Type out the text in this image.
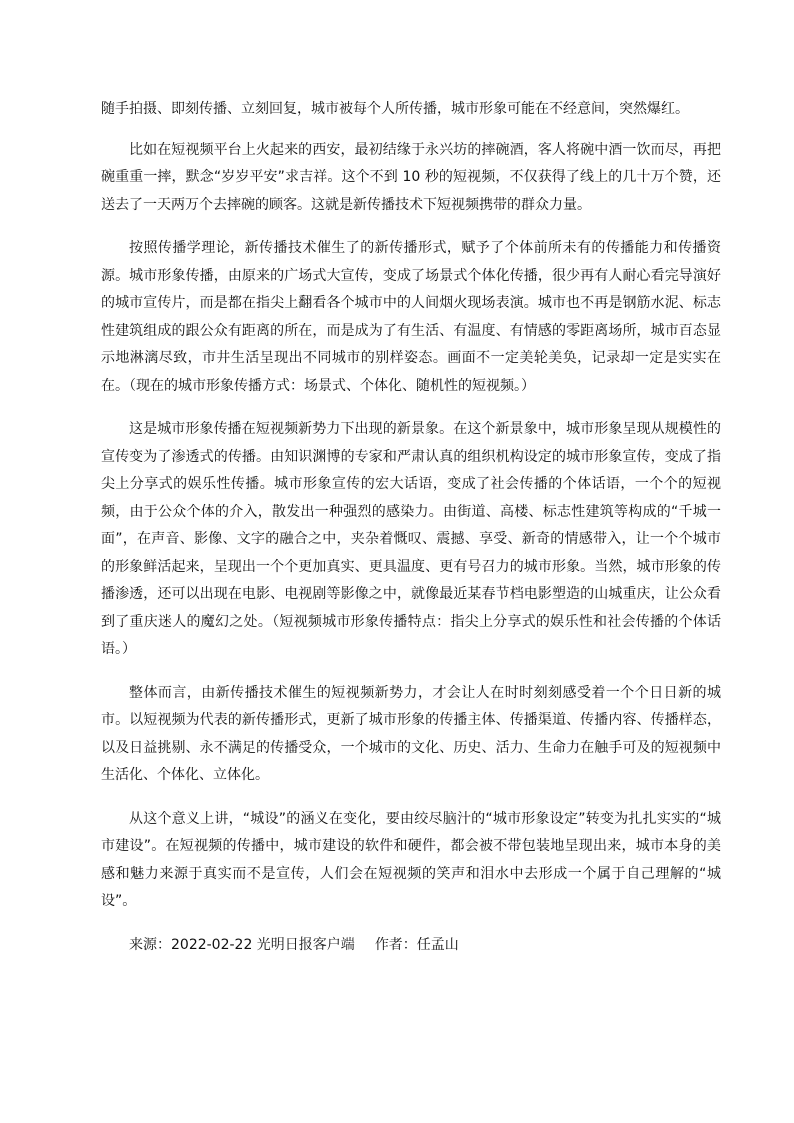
随手拍摄、即刻传播、立刻回复，城市被每个人所传播，城市形象可能在不经意间，突然爆红。

比如在短视频平台上火起来的西安，最初结缘于永兴坊的摔碗酒，客人将碗中酒一饮而尽，再把碗重重一摔，默念“岁岁平安”求吉祥。这个不到 10 秒的短视频，不仅获得了线上的几十万个赞，还送去了一天两万个去摔碗的顾客。这就是新传播技术下短视频携带的群众力量。

按照传播学理论，新传播技术催生了的新传播形式，赋予了个体前所未有的传播能力和传播资源。城市形象传播，由原来的广场式大宣传，变成了场景式个体化传播，很少再有人耐心看完导演好的城市宣传片，而是都在指尖上翻看各个城市中的人间烟火现场表演。城市也不再是钢筋水泥、标志性建筑组成的跟公众有距离的所在，而是成为了有生活、有温度、有情感的零距离场所，城市百态显示地淋漓尽致，市井生活呈现出不同城市的别样姿态。画面不一定美轮美奂，记录却一定是实实在在。（现在的城市形象传播方式：场景式、个体化、随机性的短视频。）

这是城市形象传播在短视频新势力下出现的新景象。在这个新景象中，城市形象呈现从规模性的宣传变为了渗透式的传播。由知识渊博的专家和严肃认真的组织机构设定的城市形象宣传，变成了指尖上分享式的娱乐性传播。城市形象宣传的宏大话语，变成了社会传播的个体话语，一个个的短视频，由于公众个体的介入，散发出一种强烈的感染力。由街道、高楼、标志性建筑等构成的“千城一面”，在声音、影像、文字的融合之中，夹杂着慨叹、震撼、享受、新奇的情感带入，让一个个城市的形象鲜活起来，呈现出一个个更加真实、更具温度、更有号召力的城市形象。当然，城市形象的传播渗透，还可以出现在电影、电视剧等影像之中，就像最近某春节档电影塑造的山城重庆，让公众看到了重庆迷人的魔幻之处。（短视频城市形象传播特点：指尖上分享式的娱乐性和社会传播的个体话语。）

整体而言，由新传播技术催生的短视频新势力，才会让人在时时刻刻感受着一个个日日新的城市。以短视频为代表的新传播形式，更新了城市形象的传播主体、传播渠道、传播内容、传播样态，以及日益挑剔、永不满足的传播受众，一个城市的文化、历史、活力、生命力在触手可及的短视频中生活化、个体化、立体化。

从这个意义上讲，“城设”的涵义在变化，要由绞尽脑汁的“城市形象设定”转变为扎扎实实的“城市建设”。在短视频的传播中，城市建设的软件和硬件，都会被不带包装地呈现出来，城市本身的美感和魅力来源于真实而不是宣传，人们会在短视频的笑声和泪水中去形成一个属于自己理解的“城设”。

来源：2022-02-22 光明日报客户端 作者：任孟山
